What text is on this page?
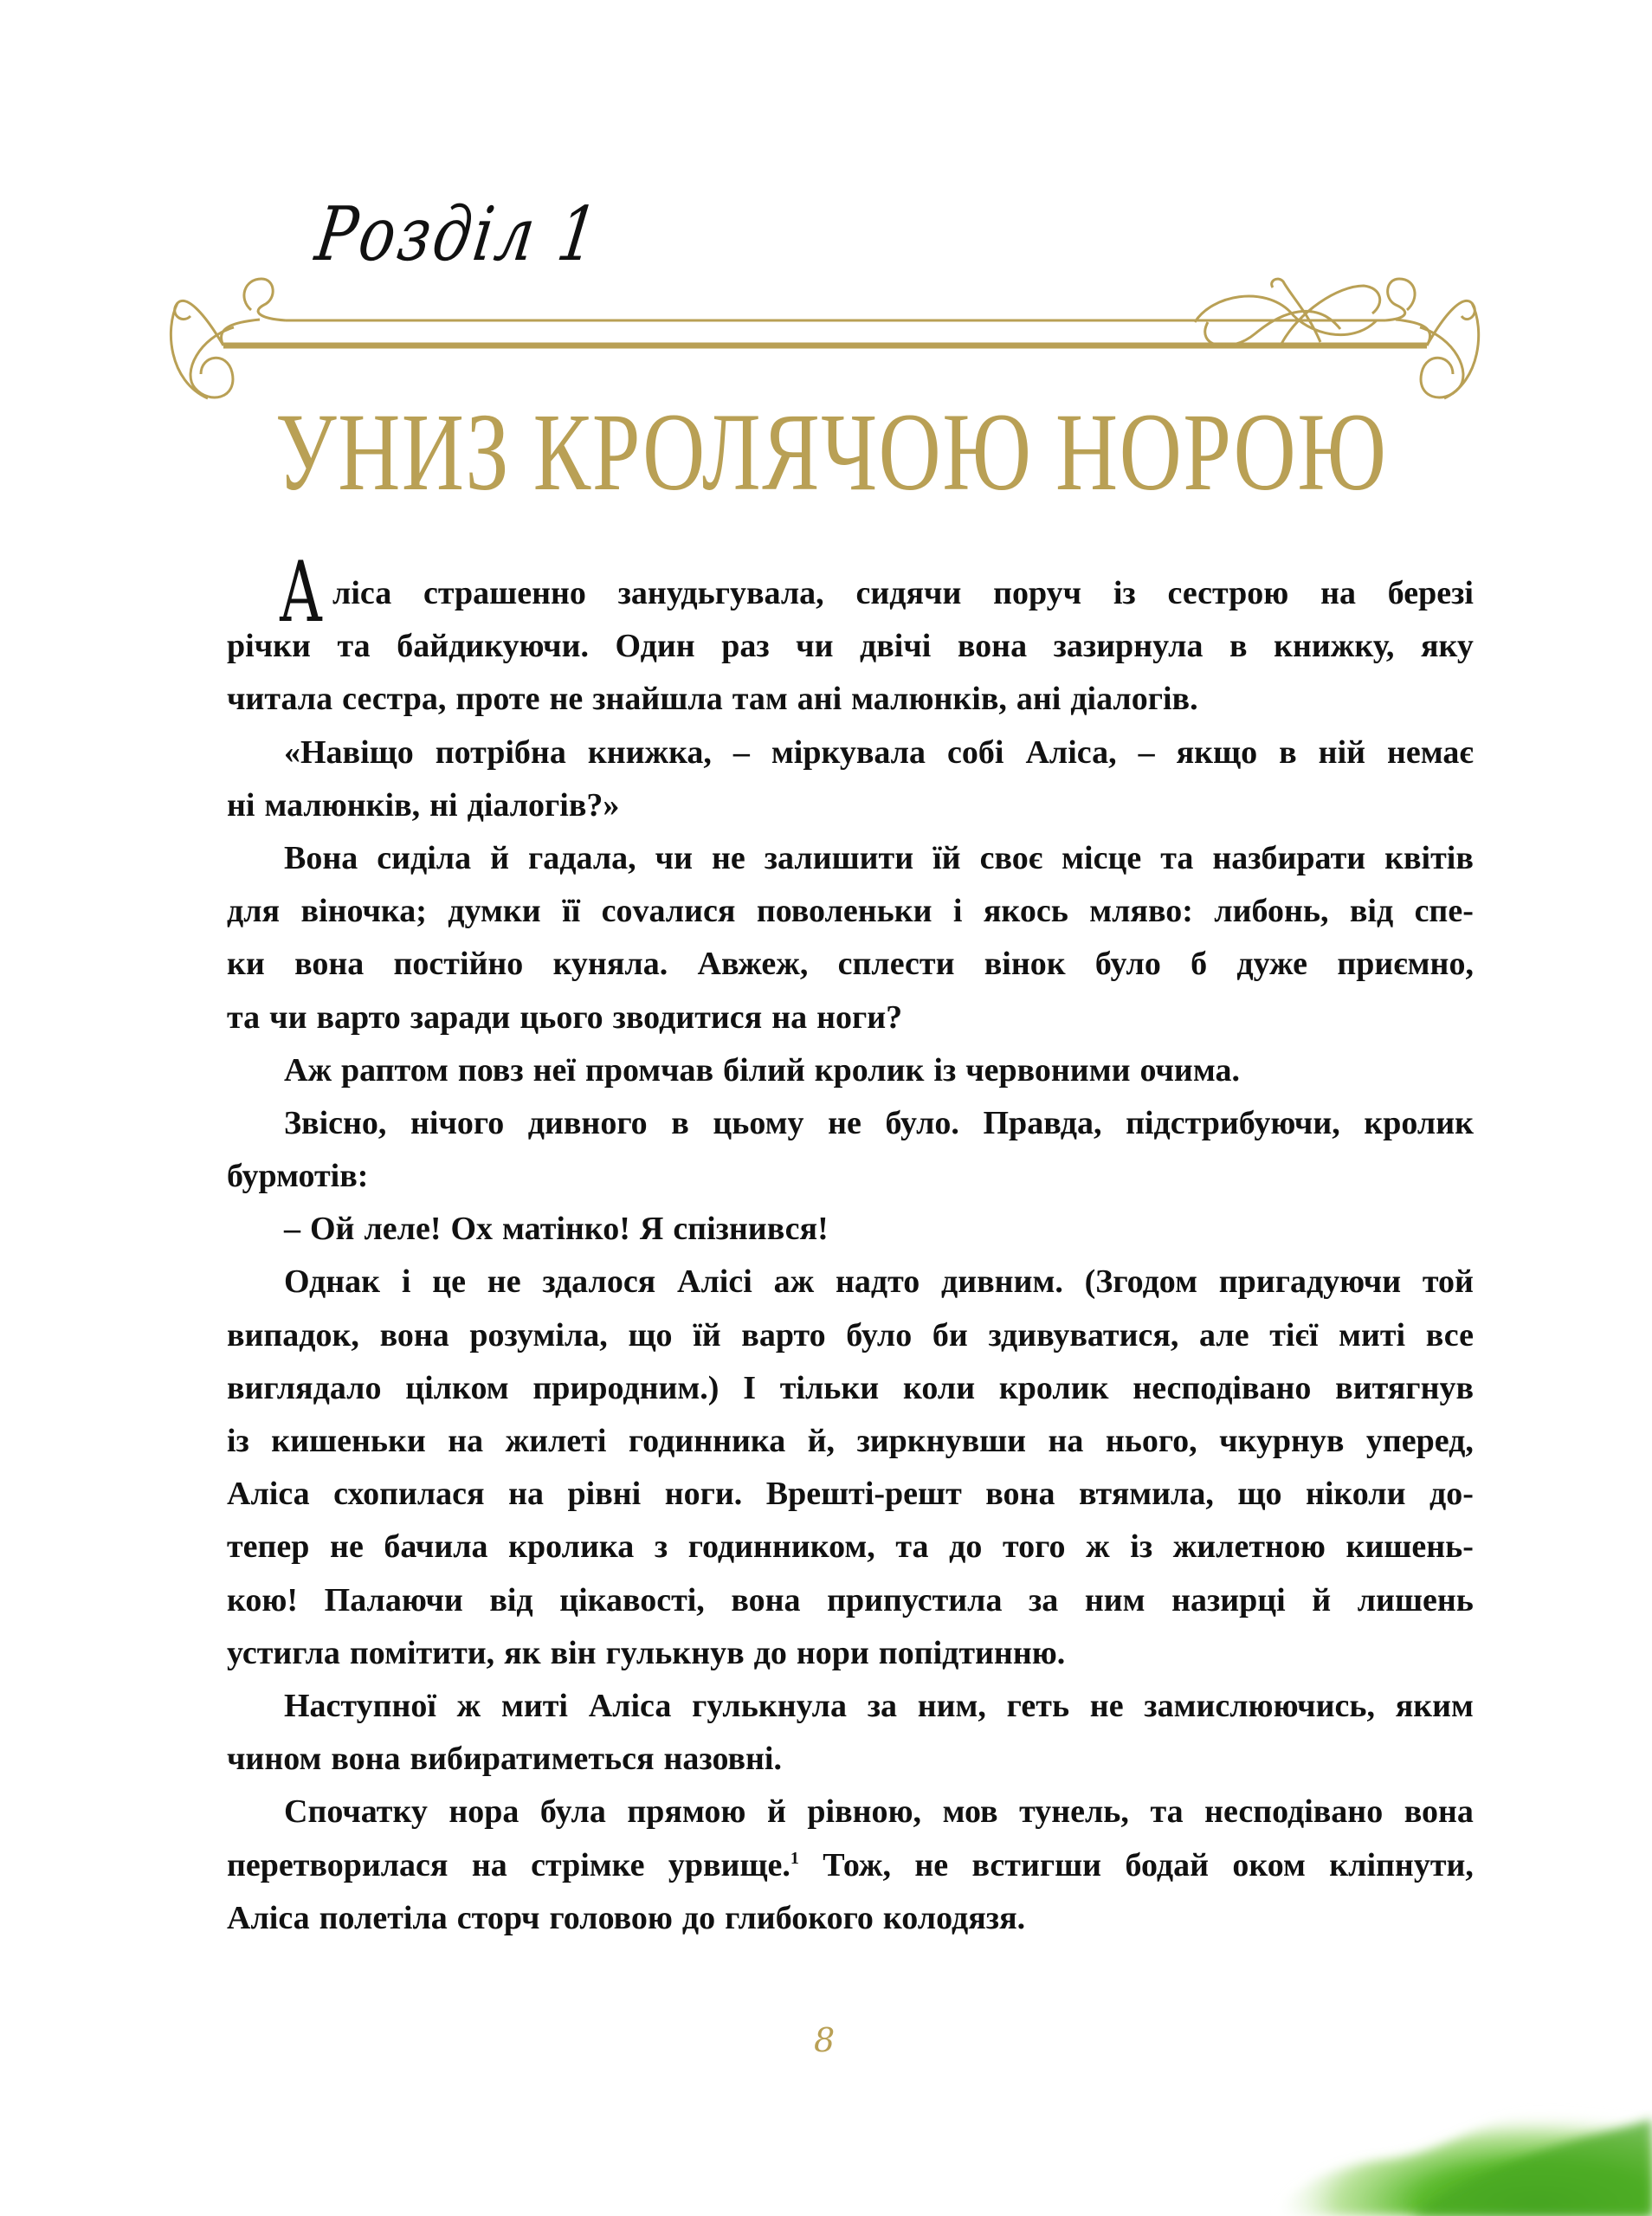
Розділ 1
УНИЗ КРОЛЯЧОЮ НОРОЮ
А ліса страшенно занудьгувала, сидячи поруч із сестрою на березі
річки та байдикуючи. Один раз чи двічі вона зазирнула в книжку, яку
читала сестра, проте не знайшла там ані малюнків, ані діалогів.
«Навіщо потрібна книжка, – міркувала собі Аліса, – якщо в ній немає
ні малюнків, ні діалогів?»
Вона сиділа й гадала, чи не залишити їй своє місце та назбирати квітів
для віночка; думки її сovалися поволеньки і якось мляво: либонь, від спе-
ки вона постійно куняла. Авжеж, сплести вінок було б дуже приємно,
та чи варто заради цього зводитися на ноги?
Аж раптом повз неї промчав білий кролик із червоними очима.
Звісно, нічого дивного в цьому не було. Правда, підстрибуючи, кролик
бурмотів:
– Ой леле! Ох матінко! Я спізнився!
Однак і це не здалося Алісі аж надто дивним. (Згодом пригадуючи той
випадок, вона розуміла, що їй варто було би здивуватися, але тієї миті все
виглядало цілком природним.) І тільки коли кролик несподівано витягнув
із кишеньки на жилеті годинника й, зиркнувши на нього, чкурнув уперед,
Аліса схопилася на рівні ноги. Врешті-решт вона втямила, що ніколи до-
тепер не бачила кролика з годинником, та до того ж із жилетною кишень-
кою! Палаючи від цікавості, вона припустила за ним назирці й лишень
устигла помітити, як він гулькнув до нори попідтинню.
Наступної ж миті Аліса гулькнула за ним, геть не замислюючись, яким
чином вона вибиратиметься назовні.
Спочатку нора була прямою й рівною, мов тунель, та несподівано вона
перетворилася на стрімке урвище.$^1$ Тож, не встигши бодай оком кліпнути,
Аліса полетіла сторч головою до глибокого колодязя.
8
